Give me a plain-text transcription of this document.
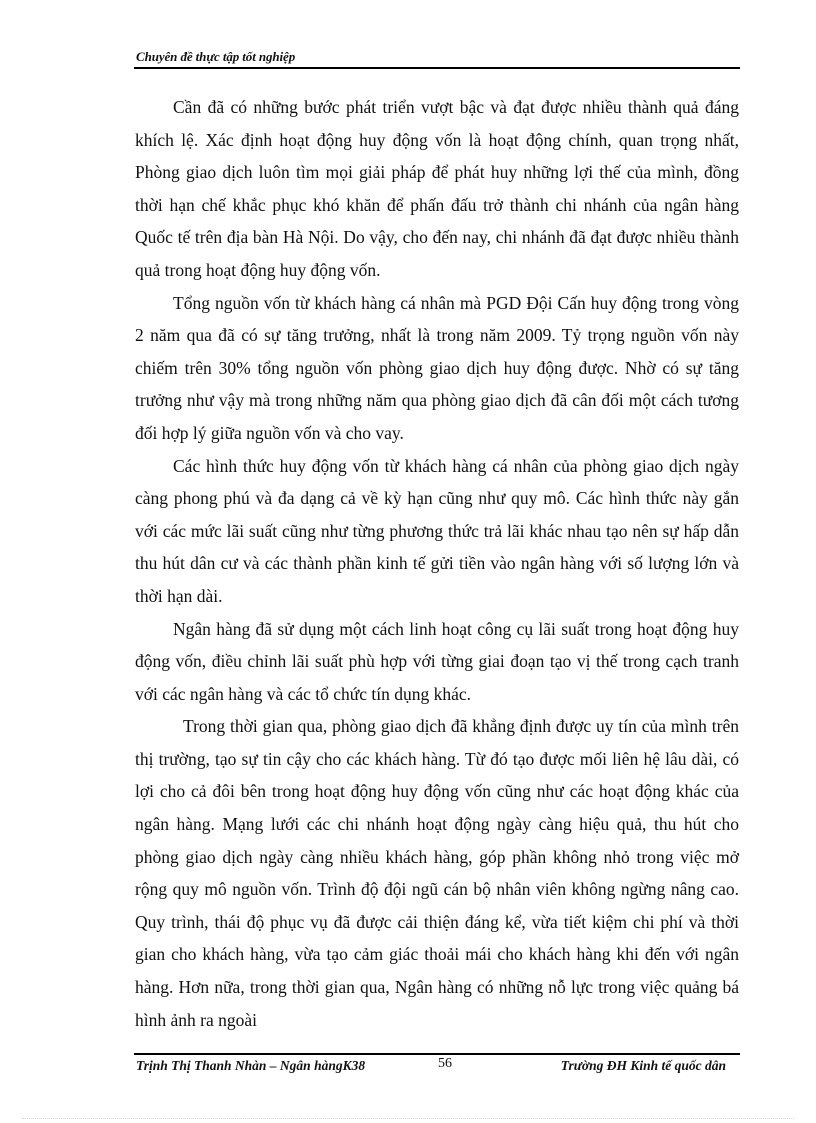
Chuyên đề thực tập tốt nghiệp

Cần đã có những bước phát triển vượt bậc và đạt được nhiều thành quả đáng khích lệ. Xác định hoạt động huy động vốn là hoạt động chính, quan trọng nhất, Phòng giao dịch luôn tìm mọi giải pháp để phát huy những lợi thế của mình, đồng thời hạn chế khắc phục khó khăn để phấn đấu trở thành chi nhánh của ngân hàng Quốc tế trên địa bàn Hà Nội. Do vậy, cho đến nay, chi nhánh đã đạt được nhiều thành quả trong hoạt động huy động vốn.

Tổng nguồn vốn từ khách hàng cá nhân mà PGD Đội Cấn huy động trong vòng 2 năm qua đã có sự tăng trưởng, nhất là trong năm 2009. Tỷ trọng nguồn vốn này chiếm trên 30% tổng nguồn vốn phòng giao dịch huy động được. Nhờ có sự tăng trưởng như vậy mà trong những năm qua phòng giao dịch đã cân đối một cách tương đối hợp lý giữa nguồn vốn và cho vay.

Các hình thức huy động vốn từ khách hàng cá nhân của phòng giao dịch ngày càng phong phú và đa dạng cả về kỳ hạn cũng như quy mô. Các hình thức này gắn với các mức lãi suất cũng như từng phương thức trả lãi khác nhau tạo nên sự hấp dẫn thu hút dân cư và các thành phần kinh tế gửi tiền vào ngân hàng với số lượng lớn và thời hạn dài.

Ngân hàng đã sử dụng một cách linh hoạt công cụ lãi suất trong hoạt động huy động vốn, điều chỉnh lãi suất phù hợp với từng giai đoạn tạo vị thế trong cạch tranh với các ngân hàng và các tổ chức tín dụng khác.

Trong thời gian qua, phòng giao dịch đã khẳng định được uy tín của mình trên thị trường, tạo sự tin cậy cho các khách hàng. Từ đó tạo được mối liên hệ lâu dài, có lợi cho cả đôi bên trong hoạt động huy động vốn cũng như các hoạt động khác của ngân hàng. Mạng lưới các chi nhánh hoạt động ngày càng hiệu quả, thu hút cho phòng giao dịch ngày càng nhiều khách hàng, góp phần không nhỏ trong việc mở rộng quy mô nguồn vốn. Trình độ đội ngũ cán bộ nhân viên không ngừng nâng cao. Quy trình, thái độ phục vụ đã được cải thiện đáng kể, vừa tiết kiệm chi phí và thời gian cho khách hàng, vừa tạo cảm giác thoải mái cho khách hàng khi đến với ngân hàng. Hơn nữa, trong thời gian qua, Ngân hàng có những nỗ lực trong việc quảng bá hình ảnh ra ngoài

Trịnh Thị Thanh Nhàn – Ngân hàngK38	56	Trường ĐH Kinh tế quốc dân
